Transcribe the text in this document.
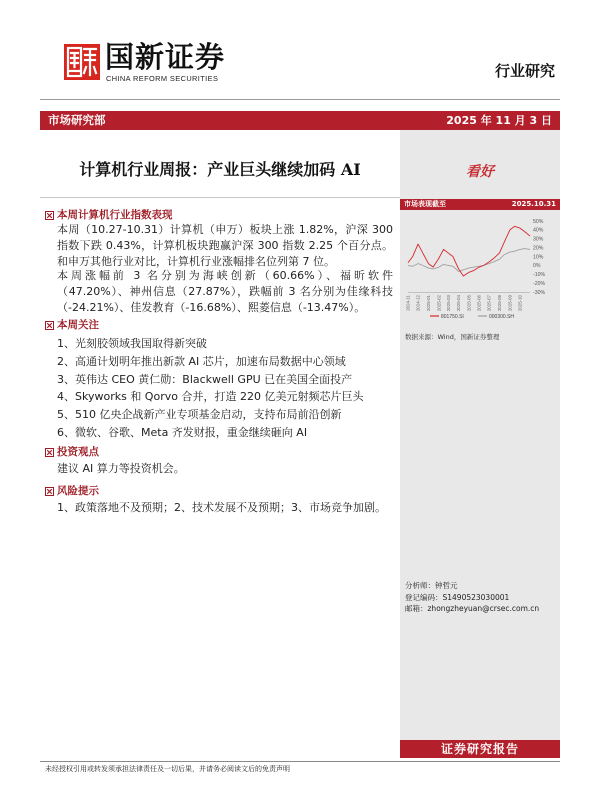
国新证券
CHINA REFORM SECURITIES	行业研究
市场研究部	2025 年 11 月 3 日
看好
市场表现截至	2025.10.31
50%
40%
30%
20%
10%
0%
-10%
-20%
-30%
2024-11 2024-12 2025-01 2025-02 2025-03 2025-04 2025-05 2025-06 2025-07 2025-08 2025-09 2025-10
801750.SI	000300.SH
数据来源：Wind，国新证券整理
分析师：钟哲元
登记编码：S1490523030001
邮箱：zhongzheyuan@crsec.com.cn
证券研究报告
计算机行业周报：产业巨头继续加码 AI
本周计算机行业指数表现

本周（10.27-10.31）计算机（申万）板块上涨 1.82%，沪深 300 指数下跌 0.43%，计算机板块跑赢沪深 300 指数 2.25 个百分点。和申万其他行业对比，计算机行业涨幅排名位列第 7 位。

本周涨幅前 3 名分别为海峡创新（60.66%）、福昕软件（47.20%）、神州信息（27.87%），跌幅前 3 名分别为佳缘科技（-24.21%）、佳发教育（-16.68%）、熙菱信息（-13.47%）。

本周关注
1、光刻胶领域我国取得新突破
2、高通计划明年推出新款 AI 芯片，加速布局数据中心领域
3、英伟达 CEO 黄仁勋：Blackwell GPU 已在美国全面投产
4、Skyworks 和 Qorvo 合并，打造 220 亿美元射频芯片巨头
5、510 亿央企战新产业专项基金启动，支持布局前沿创新
6、微软、谷歌、Meta 齐发财报，重金继续砸向 AI
投资观点

建议 AI 算力等投资机会。

风险提示

1、政策落地不及预期；2、技术发展不及预期；3、市场竞争加剧。

未经授权引用或转发须承担法律责任及一切后果，并请务必阅读文后的免责声明
